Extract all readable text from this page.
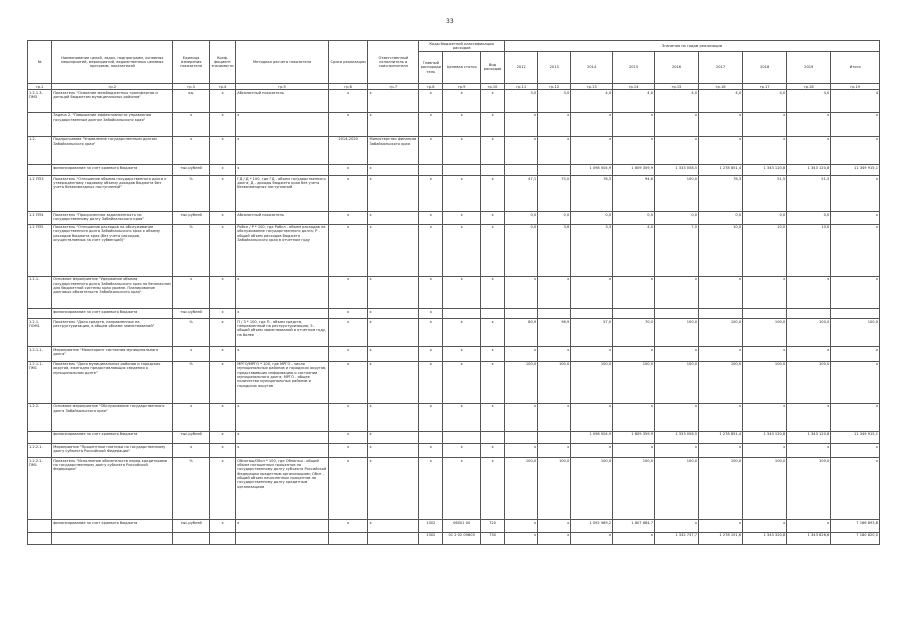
33
№	Наименование целей, задач, подпрограмм, основных мероприятий, мероприятий, ведомственных целевых программ, показателей	Единица измерения показателя	Коэф-фициент значимости	Методика расчета показателя	Сроки реализации	Ответственный исполнитель и соисполнители	Коды бюджетной классификации расходов			Значения по годам реализации								
							Главный распорядитель	Целевая статья	Вид расходов	2012	2013	2014	2015	2016	2017	2018	2019	Итого
гр.1	гр.2	гр.3	гр.4	гр.5	гр.6	гр.7	гр.8	гр.9	гр.10	гр.11	гр.12	гр.13	гр.14	гр.15	гр.16	гр.17	гр.18	гр.19
1.2.1.3. ПМ3	Показатель "Освоение межбюджетных трансфертов и дотаций бюджетам муниципальных районов"	ед.	х	Абсолютный показатель	х	х	х	х	х	3,0	3,0	4,0	4,0	4,0	4,0	4,0	4,0	4
	Задача 2. "Повышение эффективности управления государственным долгом Забайкальского края"	х	х	х	х	х	х	х	х	х	х	х	х	х	х	х	х	х
1.2.	Подпрограмма "Управление государственным долгом Забайкальского края"	х	х	х	2014-2020	Министерство финансов Забайкальского края	х	х	х	х	х	х	х	х	х	х	х	х
	финансирование за счет краевого бюджета	тыс.рублей	х	х	х	х						1 098 504,9	1 809 359,9	1 333 058,5	1 278 851,4	1 343 120,8	1 343 120,8	11 349 915,1
1.2 ПП3	Показатель "Отношение объема государственного долга к утвержденному годовому объему доходов бюджета без учета безвозмездных поступлений"	%	х	ГД / Д * 100, где ГД - объем государственного долга; Д - доходы бюджета края без учета безвозмездных поступлений	х	х	х	х	х	47,1	75,0	76,3	94,6	100,0	76,3	51,5	51,5	х
1.2 ПП4	Показатель "Просроченная задолженность по государственному долгу Забайкальского края"	тыс.рублей	х	Абсолютный показатель	х	х	х	х	х	0,0	0,0	0,0	0,0	0,0	0,0	0,0	0,0	х
1.2 ПП5	Показатель "Отношение расходов на обслуживание государственного долга Забайкальского края к объему расходов бюджета края (без учета расходов, осуществляемых за счет субвенций)"	%	х	Робсл / Р * 100, где Робсл - объем расходов на обслуживание государственного долга; Р - общий объем расходов бюджета Забайкальского края в отчетном году	х	х	х	х	х	0,0	3,6	3,3	4,0	7,0	10,0	10,0	10,0	х
1.2.1.	Основное мероприятие "Удержание объема государственного долга Забайкальского края на безопасном для бюджетной системы края уровне. Планирование долговых обязательств Забайкальского края"	х	х	х	х	х	х	х	х	х	х	х	х	х	х	х	х	х
	финансирование за счет краевого бюджета	тыс.рублей	х	х	х	х	х											
1.2.1. ПОМ1	Показатель "Доля средств, направленных на реструктуризацию, в общем объеме заимствований"	%	х	П / З * 100, где П - объем средств, направленный на реструктуризацию; З - общий объем заимствований в отчетном году, на более	х	х	х	х	х	80,9	98,9	57,0	70,0	100,0	100,0	100,0	100,0	100,0
1.2.1.1.	Мероприятие "Мониторинг состояния муниципального долга"	х	х	х	х	х	х	х	х	х	х	х	х	х	х	х	х	х
1.2.1.1. ПМ1	Показатель "Доля муниципальных районов и городских округов, ежегодно предоставляющих сведения о муниципальном долге"	%	х	МРГО/МРГО * 100, где МРГО - число муниципальных районов и городских округов, представивших информацию о состоянии муниципального долга; МРГО - общее количество муниципальных районов и городских округов	х	х	х	х	х	100,0	100,0	100,0	100,0	100,0	100,0	100,0	100,0	х
1.2.2.	Основное мероприятие "Обслуживание государственного долга Забайкальского края"	х	х	х	х	х	х	х	х	х	х	х	х	х	х	х	х	х
	финансирование за счет краевого бюджета	тыс.рублей	х	х	х	х						1 098 504,9	1 809 359,9	1 333 058,5	1 278 851,4	1 343 120,8	1 343 120,8	11 349 915,1
1.2.2.1.	Мероприятие "Процентные платежи по государственному долгу субъекта Российской Федерации"	х	х	х	х	х	х	х	х	х	х	х	х	х	х	х	х	х
1.2.2.1. ПМ1	Показатель "Исполнение обязательств перед кредиторами по государственному долгу субъекта Российской Федерации"	%	х	Обпогаш/Обсп * 100, где Обпогаш - общий объем погашенных процентов по государственному долгу субъекта Российской Федерации кредитным организациям; Обсп - общий объем начисленных процентов по государственному долгу кредитным организациям	х	х	х	х	х	100,0	100,0	100,0	100,0	100,0	100,0	100,0	100,0	х
	финансирование за счет краевого бюджета	тыс.рублей	х	х	х	х	1302	06501 00	720	х	х	1 092 989,2	1 807 684,7	х	х	х	х	7 166 893,8
							1302	01 2 02 09803	730	х	х	х	х	1 332 737,7	1 278 151,6	1 343 320,8	1 343 626,6	7 180 820,0
